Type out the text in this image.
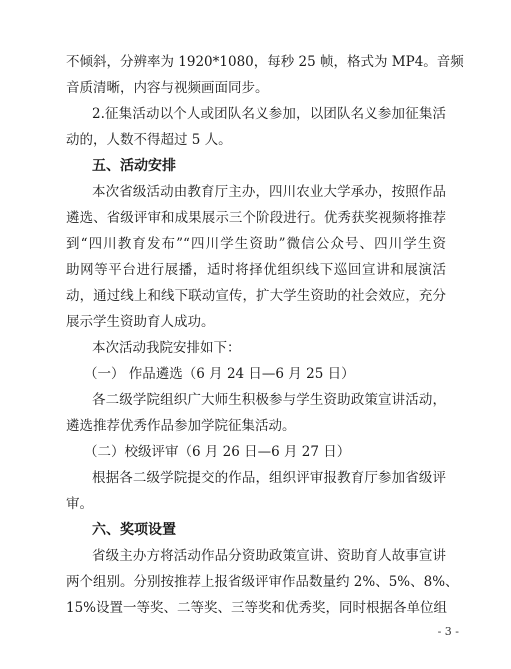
不倾斜，分辨率为 1920*1080，每秒 25 帧，格式为 MP4。音频
音质清晰，内容与视频画面同步。
2.征集活动以个人或团队名义参加，以团队名义参加征集活
动的，人数不得超过 5 人。
五、活动安排
本次省级活动由教育厅主办，四川农业大学承办，按照作品
遴选、省级评审和成果展示三个阶段进行。优秀获奖视频将推荐
到“四川教育发布”“四川学生资助”微信公众号、四川学生资
助网等平台进行展播，适时将择优组织线下巡回宣讲和展演活
动，通过线上和线下联动宣传，扩大学生资助的社会效应，充分
展示学生资助育人成功。
本次活动我院安排如下：
（一） 作品遴选（6 月 24 日—6 月 25 日）
各二级学院组织广大师生积极参与学生资助政策宣讲活动，
遴选推荐优秀作品参加学院征集活动。
（二）校级评审（6 月 26 日—6 月 27 日）
根据各二级学院提交的作品，组织评审报教育厅参加省级评
审。
六、奖项设置
省级主办方将活动作品分资助政策宣讲、资助育人故事宣讲
两个组别。分别按推荐上报省级评审作品数量约 2%、5%、8%、
15%设置一等奖、二等奖、三等奖和优秀奖，同时根据各单位组
- 3 -
